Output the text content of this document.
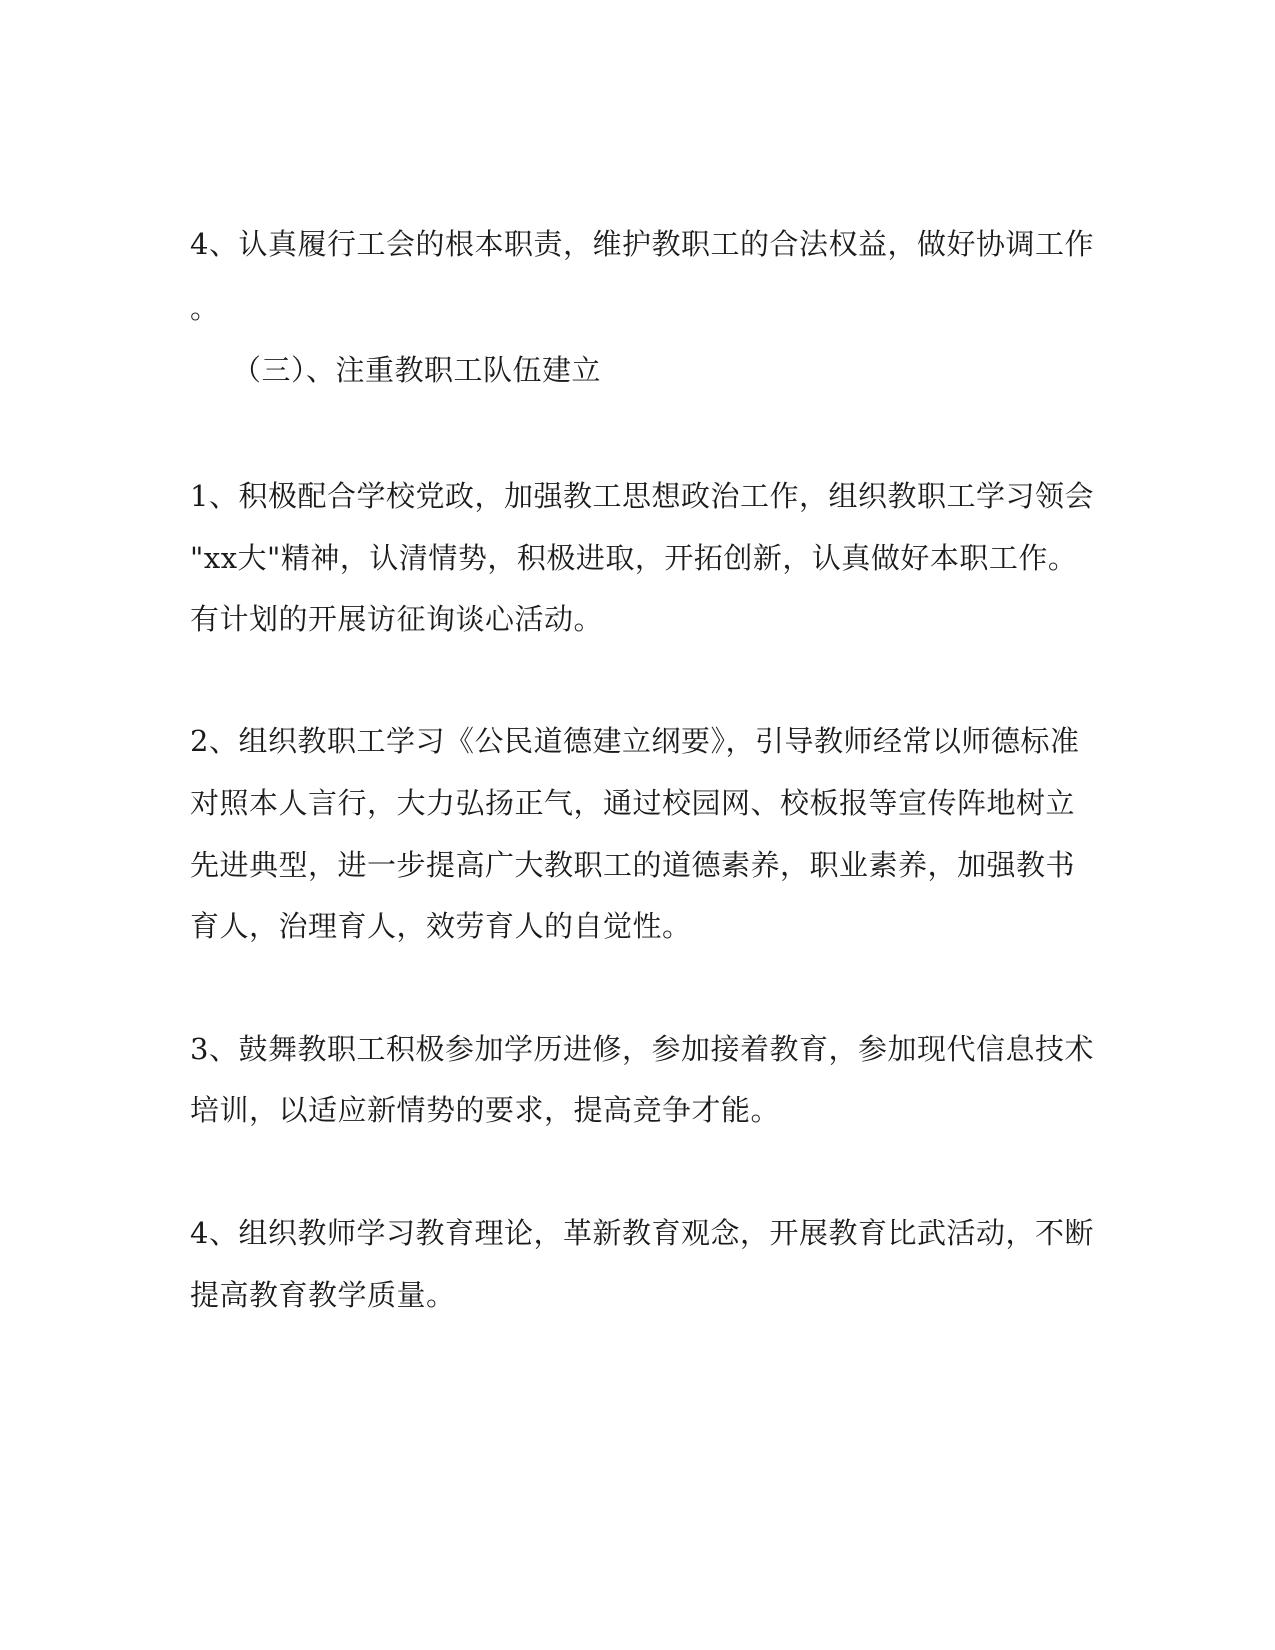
4、认真履行工会的根本职责，维护教职工的合法权益，做好协调工作
。
（三）、注重教职工队伍建立
1、积极配合学校党政，加强教工思想政治工作，组织教职工学习领会
"xx大"精神，认清情势，积极进取，开拓创新，认真做好本职工作。
有计划的开展访征询谈心活动。
2、组织教职工学习《公民道德建立纲要》，引导教师经常以师德标准
对照本人言行，大力弘扬正气，通过校园网、校板报等宣传阵地树立
先进典型，进一步提高广大教职工的道德素养，职业素养，加强教书
育人，治理育人，效劳育人的自觉性。
3、鼓舞教职工积极参加学历进修，参加接着教育，参加现代信息技术
培训，以适应新情势的要求，提高竞争才能。
4、组织教师学习教育理论，革新教育观念，开展教育比武活动，不断
提高教育教学质量。
